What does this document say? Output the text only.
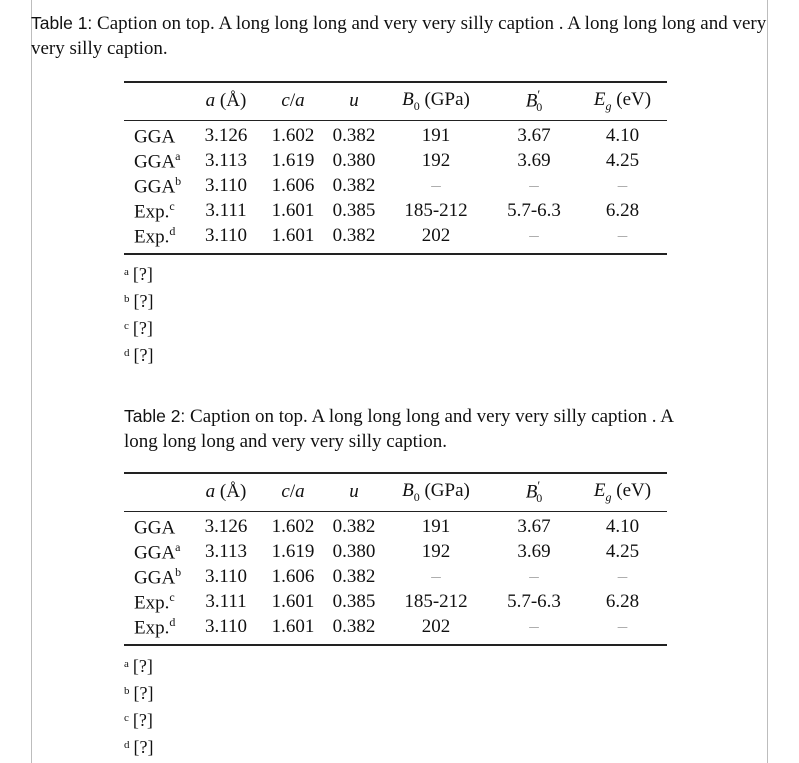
Table 1: Caption on top. A long long long and very very silly caption . A long long long and very very silly caption.
	a (Å)	c/a	u	$B_0$ (GPa)	$B'_0$	$E_g$ (eV)
GGA	3.126	1.602	0.382	191	3.67	4.10
GGA$^a$	3.113	1.619	0.380	192	3.69	4.25
GGA$^b$	3.110	1.606	0.382	–	–	–
Exp.$^c$	3.111	1.601	0.385	185-212	5.7-6.3	6.28
Exp.$^d$	3.110	1.601	0.382	202	–	–
$^a$ [?]
$^b$ [?]
$^c$ [?]
$^d$ [?]
Table 2: Caption on top. A long long long and very very silly caption . A long long long and very very silly caption.
	a (Å)	c/a	u	$B_0$ (GPa)	$B'_0$	$E_g$ (eV)
GGA	3.126	1.602	0.382	191	3.67	4.10
GGA$^a$	3.113	1.619	0.380	192	3.69	4.25
GGA$^b$	3.110	1.606	0.382	–	–	–
Exp.$^c$	3.111	1.601	0.385	185-212	5.7-6.3	6.28
Exp.$^d$	3.110	1.601	0.382	202	–	–
$^a$ [?]
$^b$ [?]
$^c$ [?]
$^d$ [?]
